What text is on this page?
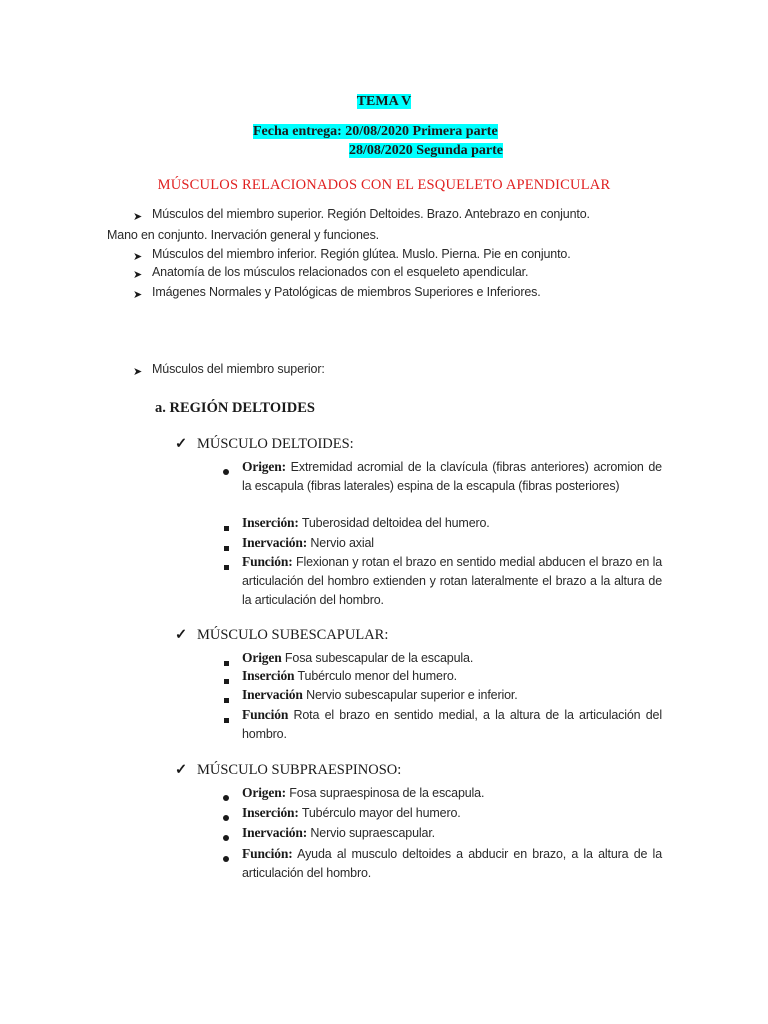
TEMA V
Fecha entrega: 20/08/2020 Primera parte
28/08/2020 Segunda parte
MÚSCULOS RELACIONADOS CON EL ESQUELETO APENDICULAR
➤ Músculos del miembro superior. Región Deltoides. Brazo. Antebrazo en conjunto.
Mano en conjunto. Inervación general y funciones.
➤ Músculos del miembro inferior. Región glútea. Muslo. Pierna. Pie en conjunto.
➤ Anatomía de los músculos relacionados con el esqueleto apendicular.
➤ Imágenes Normales y Patológicas de miembros Superiores e Inferiores.
➤ Músculos del miembro superior:
a. REGIÓN DELTOIDES
✓ MÚSCULO DELTOIDES:
Origen: Extremidad acromial de la clavícula (fibras anteriores) acromion de la escapula (fibras laterales) espina de la escapula (fibras posteriores)
Inserción: Tuberosidad deltoidea del humero.
Inervación: Nervio axial
Función: Flexionan y rotan el brazo en sentido medial abducen el brazo en la articulación del hombro extienden y rotan lateralmente el brazo a la altura de la articulación del hombro.
✓ MÚSCULO SUBESCAPULAR:
Origen Fosa subescapular de la escapula.
Inserción Tubérculo menor del humero.
Inervación Nervio subescapular superior e inferior.
Función Rota el brazo en sentido medial, a la altura de la articulación del hombro.
✓ MÚSCULO SUBPRAESPINOSO:
Origen: Fosa supraespinosa de la escapula.
Inserción: Tubérculo mayor del humero.
Inervación: Nervio supraescapular.
Función: Ayuda al musculo deltoides a abducir en brazo, a la altura de la articulación del hombro.
